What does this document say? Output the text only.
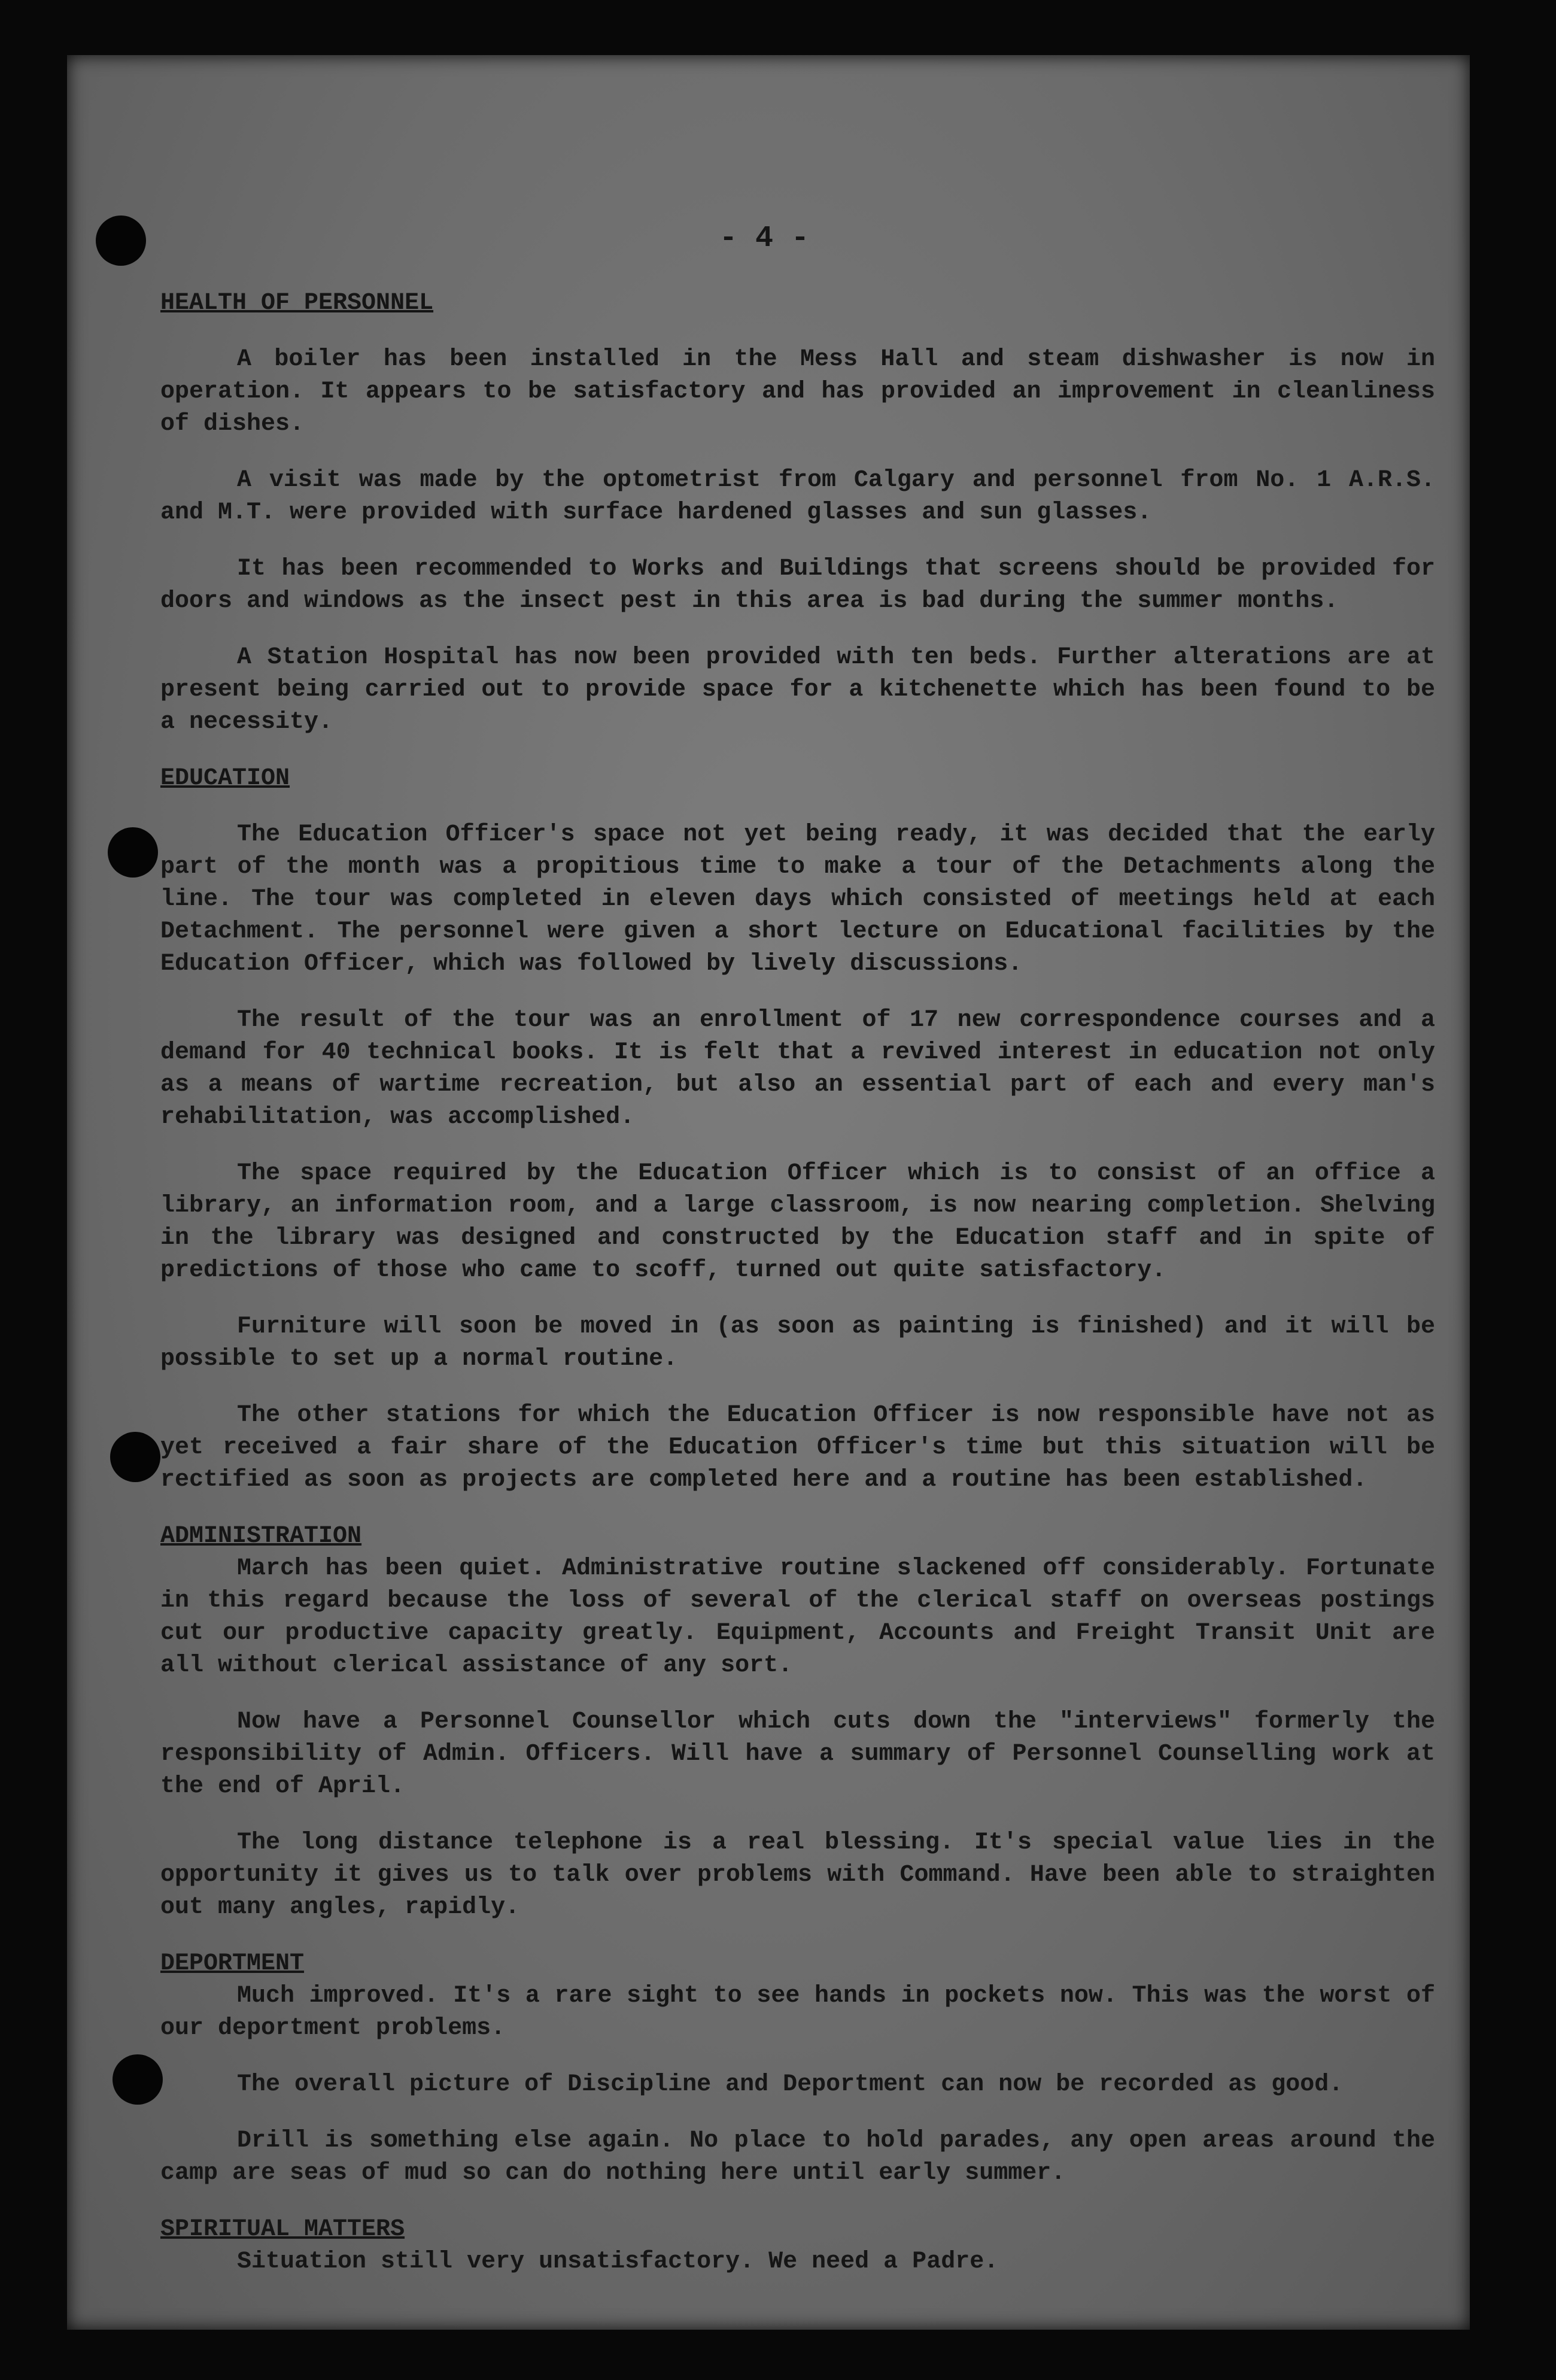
- 4 -
HEALTH OF PERSONNEL

A boiler has been installed in the Mess Hall and steam dishwasher is now in operation. It appears to be satisfactory and has provided an improvement in cleanliness of dishes.

A visit was made by the optometrist from Calgary and personnel from No. 1 A.R.S. and M.T. were provided with surface hardened glasses and sun glasses.

It has been recommended to Works and Buildings that screens should be provided for doors and windows as the insect pest in this area is bad during the summer months.

A Station Hospital has now been provided with ten beds. Further alterations are at present being carried out to provide space for a kitchenette which has been found to be a necessity.

EDUCATION

The Education Officer's space not yet being ready, it was decided that the early part of the month was a propitious time to make a tour of the Detachments along the line. The tour was completed in eleven days which consisted of meetings held at each Detachment. The personnel were given a short lecture on Educational facilities by the Education Officer, which was followed by lively discussions.

The result of the tour was an enrollment of 17 new correspondence courses and a demand for 40 technical books. It is felt that a revived interest in education not only as a means of wartime recreation, but also an essential part of each and every man's rehabilitation, was accomplished.

The space required by the Education Officer which is to consist of an office a library, an information room, and a large classroom, is now nearing completion. Shelving in the library was designed and constructed by the Education staff and in spite of predictions of those who came to scoff, turned out quite satisfactory.

Furniture will soon be moved in (as soon as painting is finished) and it will be possible to set up a normal routine.

The other stations for which the Education Officer is now responsible have not as yet received a fair share of the Education Officer's time but this situation will be rectified as soon as projects are completed here and a routine has been established.

ADMINISTRATION

March has been quiet. Administrative routine slackened off considerably. Fortunate in this regard because the loss of several of the clerical staff on overseas postings cut our productive capacity greatly. Equipment, Accounts and Freight Transit Unit are all without clerical assistance of any sort.

Now have a Personnel Counsellor which cuts down the "interviews" formerly the responsibility of Admin. Officers. Will have a summary of Personnel Counselling work at the end of April.

The long distance telephone is a real blessing. It's special value lies in the opportunity it gives us to talk over problems with Command. Have been able to straighten out many angles, rapidly.

DEPORTMENT

Much improved. It's a rare sight to see hands in pockets now. This was the worst of our deportment problems.

The overall picture of Discipline and Deportment can now be recorded as good.

Drill is something else again. No place to hold parades, any open areas around the camp are seas of mud so can do nothing here until early summer.

SPIRITUAL MATTERS

Situation still very unsatisfactory. We need a Padre.
